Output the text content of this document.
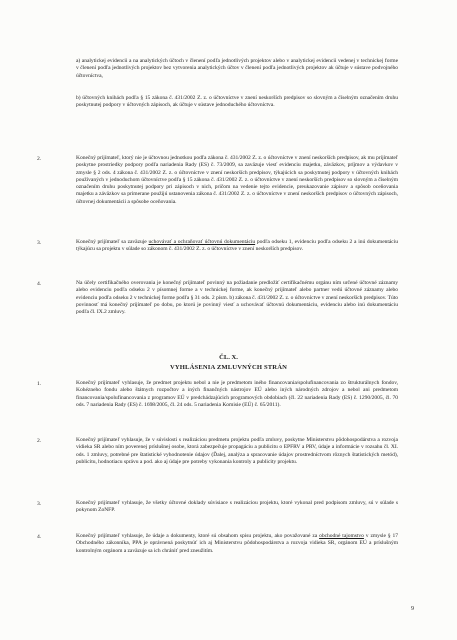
a) analytickej evidencii a na analytických účtoch v členení podľa jednotlivých projektov alebo v analytickej evidencii vedenej v technickej forme v členení podľa jednotlivých projektov bez vytvorenia analytických účtov v členení podľa jednotlivých projektov ak účtuje v sústave podvojného účtovníctva,

b) účtovných knihách podľa § 15 zákona č. 431/2002 Z. z. o účtovníctve v znení neskorších predpisov so slovným a číselným označením druhu poskytnutej podpory v účtovných zápisoch, ak účtuje v sústave jednoduchého účtovníctva.

2.	Konečný prijímateľ, ktorý nie je účtovnou jednotkou podľa zákona č. 431/2002 Z. z. o účtovníctve v znení neskorších predpisov, ak mu prijímateľ poskytne prostriedky podpory podľa nariadenia Rady (ES) č. 73/2009, sa zaväzuje viesť evidenciu majetku, záväzkov, príjmov a výdavkov v zmysle § 2 ods. 4 zákona č. 431/2002 Z. z. o účtovníctve v znení neskorších predpisov, týkajúcich sa poskytnutej podpory v účtovných knihách používaných v jednoduchom účtovníctve podľa § 15 zákona č. 431/2002 Z. z. o účtovníctve v znení neskorších predpisov so slovným a číselným označením druhu poskytnutej podpory pri zápisoch v nich, pričom na vedenie tejto evidencie, preukazovanie zápisov a spôsob oceňovania majetku a záväzkov sa primerane použijú ustanovenia zákona č. 431/2002 Z. z. o účtovníctve v znení neskorších predpisov o účtovných zápisoch, účtovnej dokumentácii a spôsobe oceňovania.

3.	Konečný prijímateľ sa zaväzuje uchovávať a ochraňovať účtovnú dokumentáciu podľa odseku 1, evidenciu podľa odseku 2 a inú dokumentáciu týkajúcu sa projektu v súlade so zákonom č. 431/2002 Z. z. o účtovníctve v znení neskorších predpisov.

4.	Na účely certifikačného overovania je konečný prijímateľ povinný na požiadanie predložiť certifikačnému orgánu ním určené účtovné záznamy alebo evidenciu podľa odseku 2 v písomnej forme a v technickej forme, ak konečný prijímateľ alebo partner vedú účtovné záznamy alebo evidenciu podľa odseku 2 v technickej forme podľa § 31 ods. 2 písm. b) zákona č. 431/2002 Z. z. o účtovníctve v znení neskorších predpisov. Túto povinnosť má konečný prijímateľ po dobu, po ktorú je povinný viesť a uchovávať účtovnú dokumentáciu, evidenciu alebo inú dokumentáciu podľa čl. IX.2 zmluvy.

ČL. X.
VYHLÁSENIA ZMLUVNÝCH STRÁN
1.	Konečný prijímateľ vyhlasuje, že predmet projektu nebol a nie je predmetom iného financovania/spolufinancovania zo štrukturálnych fondov, Kohézneho fondu alebo štátnych rozpočtov a iných finančných nástrojov EÚ alebo iných národných zdrojov a nebol ani predmetom financovania/spolufinancovania z programov EÚ v predchádzajúcich programových obdobiach (čl. 22 nariadenia Rady (ES) č. 1290/2005, čl. 70 ods. 7 nariadenia Rady (ES) č. 1698/2005, čl. 24 ods. 5 nariadenia Komisie (EÚ) č. 65/2011).

2.	Konečný prijímateľ vyhlasuje, že v súvislosti s realizáciou predmetu projektu podľa zmluvy, poskytne Ministerstvu pôdohospodárstva a rozvoja vidieka SR alebo ním poverenej príslušnej osobe, ktorá zabezpečuje propagáciu a publicitu o EPFRV a PRV, údaje a informácie v rozsahu čl. XI. ods. 1 zmluvy, potrebné pre štatistické vyhodnotenie údajov (Ďalej, analýza a spracovanie údajov prostredníctvom rôznych štatistických metód), publicitu, hodnotiacu správu a pod. ako aj údaje pre potreby vykonania kontroly a publicity projektu.

3.	Konečný prijímateľ vyhlasuje, že všetky účtovné doklady súvisiace s realizáciou projektu, ktoré vykonal pred podpisom zmluvy, sú v súlade s pokynom ZoNFP.

4.	Konečný prijímateľ vyhlasuje, že údaje a dokumenty, ktoré sú obsahom spisu projektu, ako považované za obchodné tajomstvo v zmysle § 17 Obchodného zákonníka, PPA je oprávnená poskytnúť ich aj Ministerstvu pôdohospodárstva a rozvoja vidieka SR, orgánom EÚ a príslušným kontrolným orgánom a zaväzuje sa ich chrániť pred zneužitím.

9
